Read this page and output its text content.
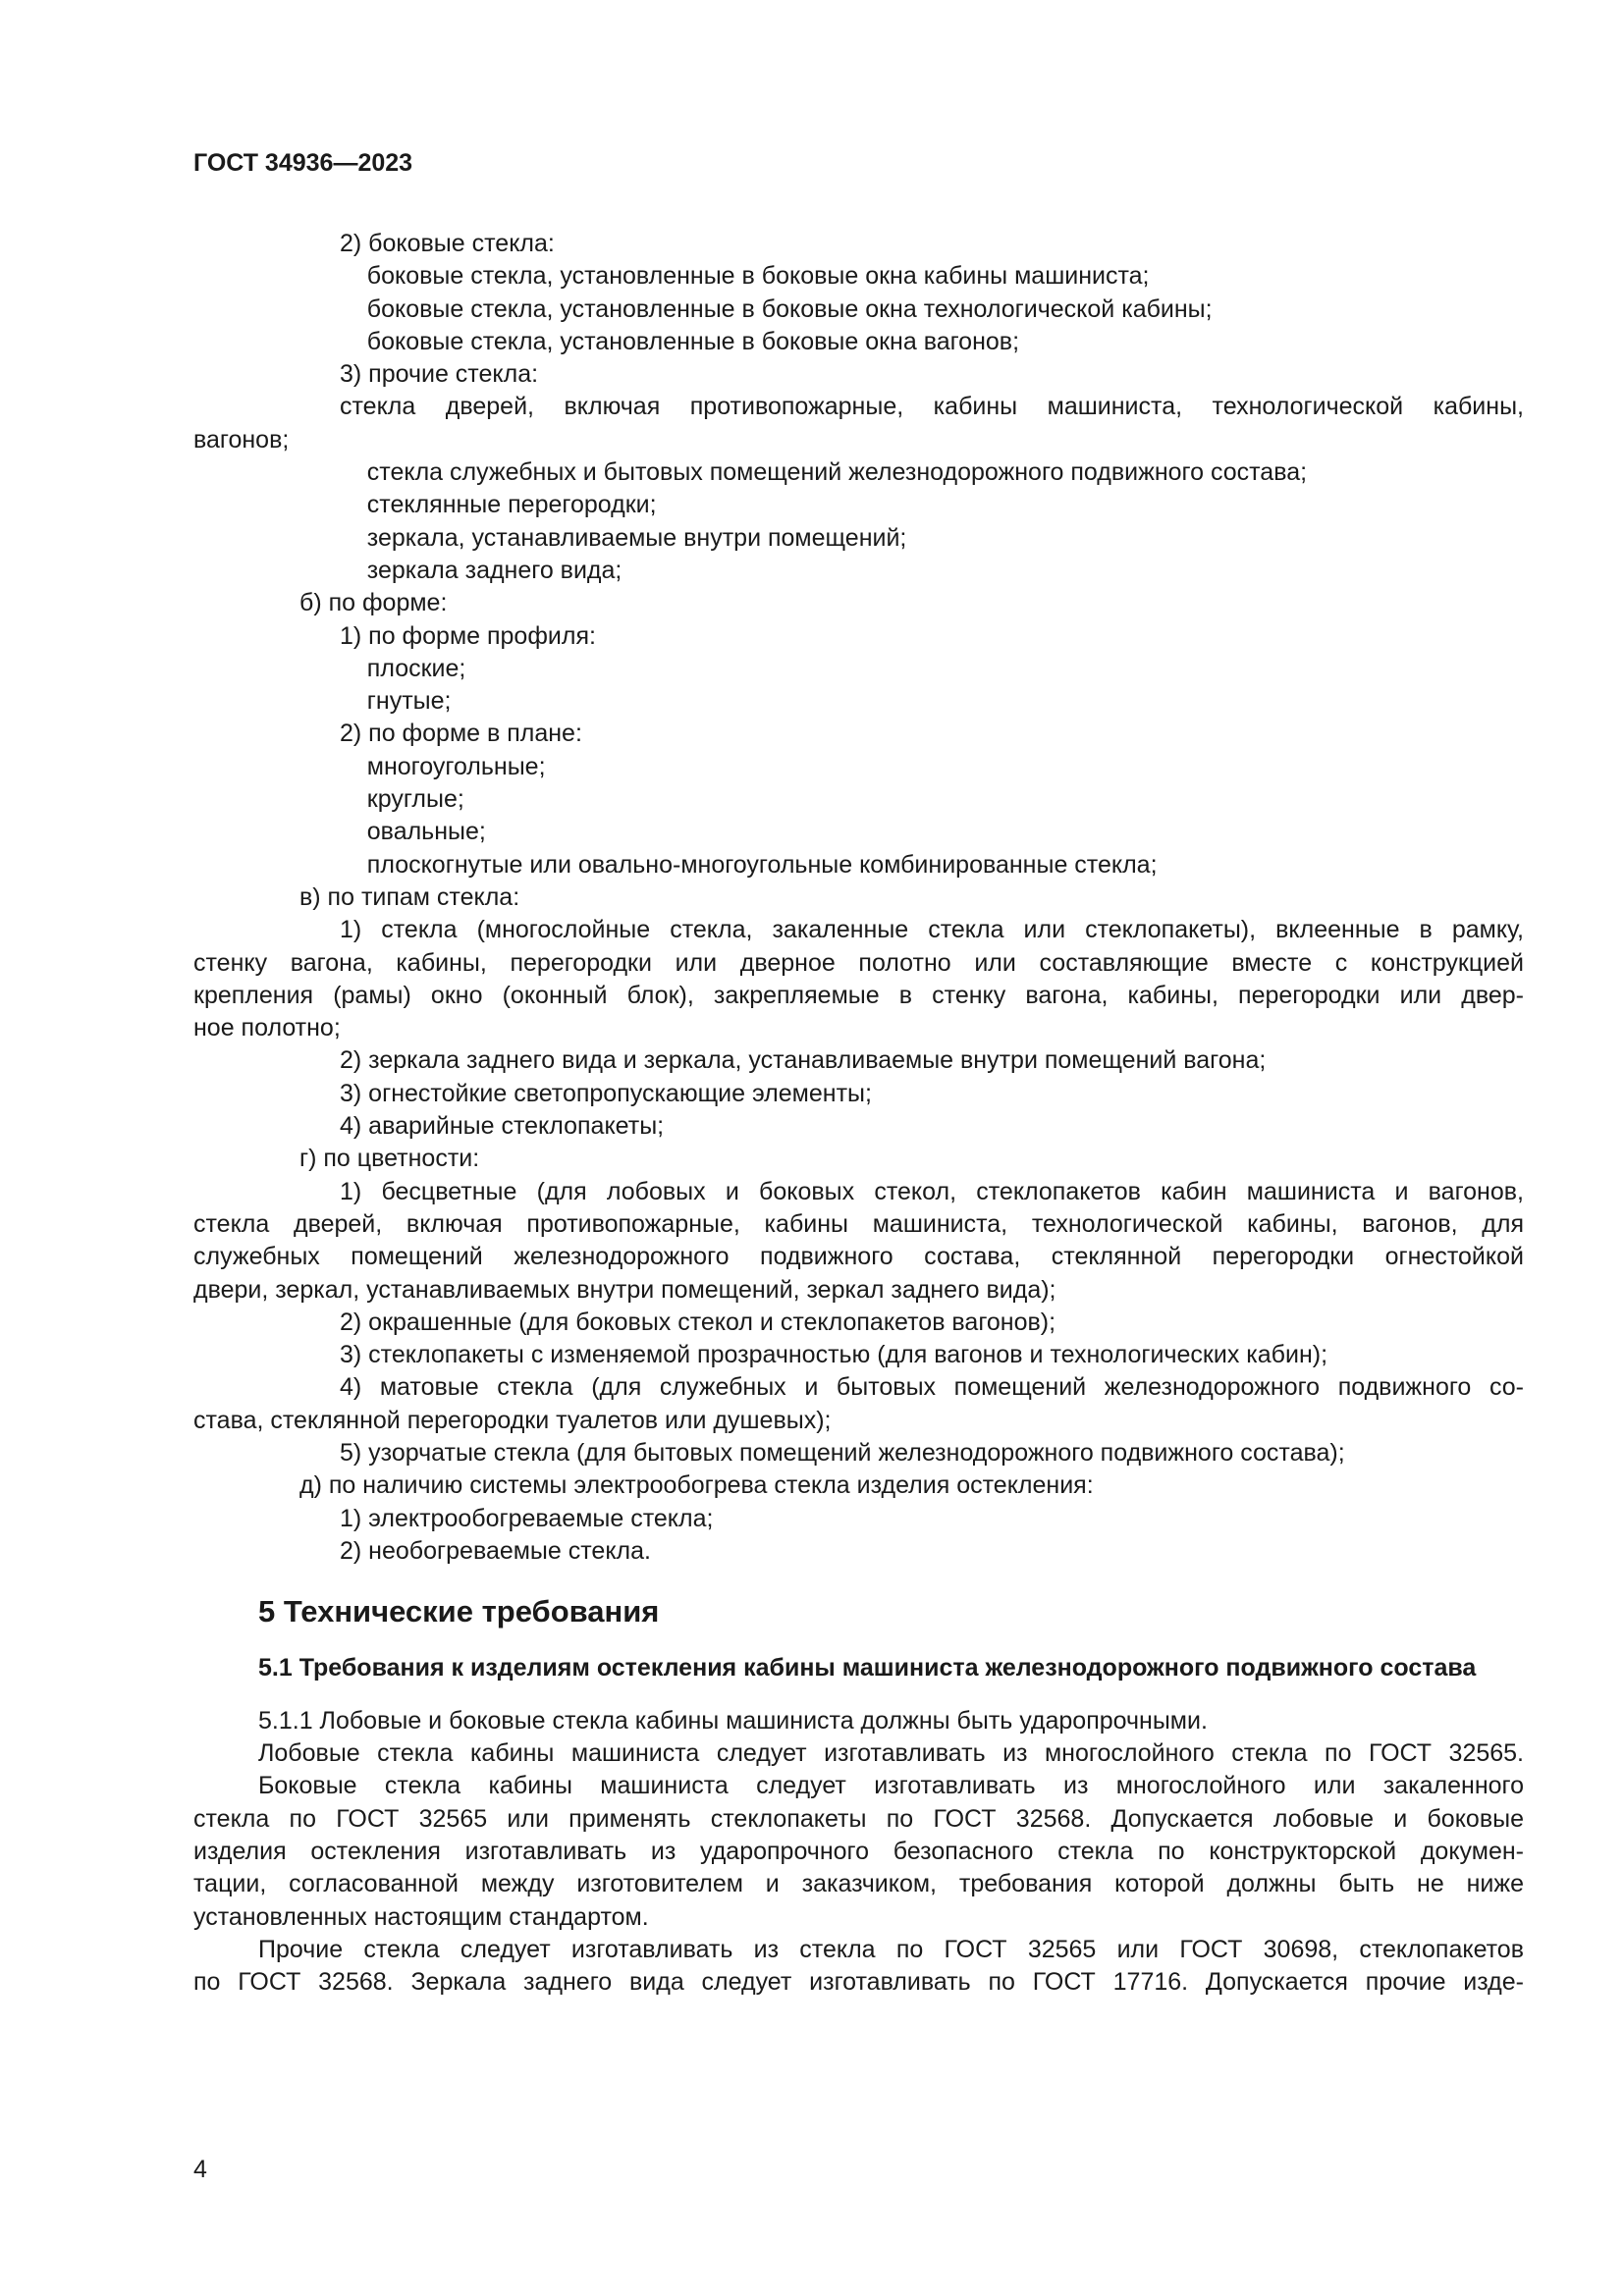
ГОСТ 34936—2023
2) боковые стекла:
боковые стекла, установленные в боковые окна кабины машиниста;
боковые стекла, установленные в боковые окна технологической кабины;
боковые стекла, установленные в боковые окна вагонов;
3) прочие стекла:
стекла дверей, включая противопожарные, кабины машиниста, технологической кабины,
вагонов;
стекла служебных и бытовых помещений железнодорожного подвижного состава;
стеклянные перегородки;
зеркала, устанавливаемые внутри помещений;
зеркала заднего вида;
б) по форме:
1) по форме профиля:
плоские;
гнутые;
2) по форме в плане:
многоугольные;
круглые;
овальные;
плоскогнутые или овально-многоугольные комбинированные стекла;
в) по типам стекла:
1) стекла (многослойные стекла, закаленные стекла или стеклопакеты), вклеенные в рамку,
стенку вагона, кабины, перегородки или дверное полотно или составляющие вместе с конструкцией
крепления (рамы) окно (оконный блок), закрепляемые в стенку вагона, кабины, перегородки или двер-
ное полотно;
2) зеркала заднего вида и зеркала, устанавливаемые внутри помещений вагона;
3) огнестойкие светопропускающие элементы;
4) аварийные стеклопакеты;
г) по цветности:
1) бесцветные (для лобовых и боковых стекол, стеклопакетов кабин машиниста и вагонов,
стекла дверей, включая противопожарные, кабины машиниста, технологической кабины, вагонов, для
служебных помещений железнодорожного подвижного состава, стеклянной перегородки огнестойкой
двери, зеркал, устанавливаемых внутри помещений, зеркал заднего вида);
2) окрашенные (для боковых стекол и стеклопакетов вагонов);
3) стеклопакеты с изменяемой прозрачностью (для вагонов и технологических кабин);
4) матовые стекла (для служебных и бытовых помещений железнодорожного подвижного со-
става, стеклянной перегородки туалетов или душевых);
5) узорчатые стекла (для бытовых помещений железнодорожного подвижного состава);
д) по наличию системы электрообогрева стекла изделия остекления:
1) электрообогреваемые стекла;
2) необогреваемые стекла.
5 Технические требования
5.1 Требования к изделиям остекления кабины машиниста железнодорожного подвижного состава
5.1.1 Лобовые и боковые стекла кабины машиниста должны быть ударопрочными.
Лобовые стекла кабины машиниста следует изготавливать из многослойного стекла по ГОСТ 32565.
Боковые стекла кабины машиниста следует изготавливать из многослойного или закаленного
стекла по ГОСТ 32565 или применять стеклопакеты по ГОСТ 32568. Допускается лобовые и боковые
изделия остекления изготавливать из ударопрочного безопасного стекла по конструкторской докумен-
тации, согласованной между изготовителем и заказчиком, требования которой должны быть не ниже
установленных настоящим стандартом.
Прочие стекла следует изготавливать из стекла по ГОСТ 32565 или ГОСТ 30698, стеклопакетов
по ГОСТ 32568. Зеркала заднего вида следует изготавливать по ГОСТ 17716. Допускается прочие изде-
4
